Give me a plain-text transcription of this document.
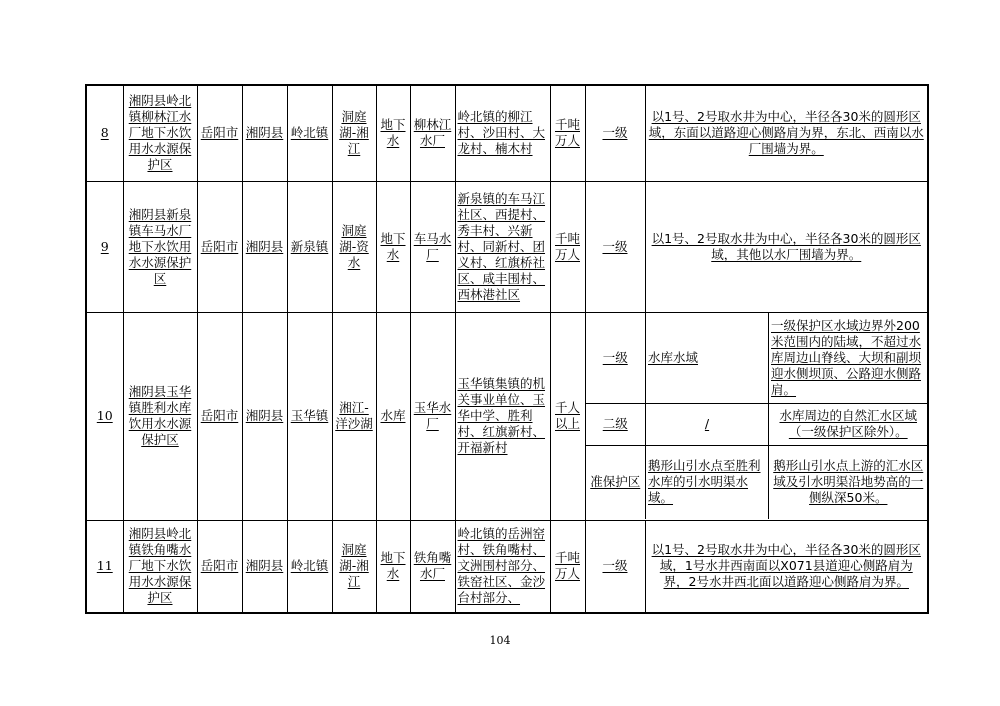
8	湘阴县岭北镇柳林江水厂地下水饮用水水源保护区	岳阳市	湘阴县	岭北镇	洞庭湖-湘江	地下水	柳林江水厂	岭北镇的柳江村、沙田村、大龙村、楠木村	千吨万人	一级	以1号、2号取水井为中心，半径各30米的圆形区域，东面以道路迎心侧路肩为界，东北、西南以水厂围墙为界。
9	湘阴县新泉镇车马水厂地下水饮用水水源保护区	岳阳市	湘阴县	新泉镇	洞庭湖-资水	地下水	车马水厂	新泉镇的车马江社区、西提村、秀丰村、兴新村、同新村、团义村、红旗桥社区、咸丰围村、西林港社区	千吨万人	一级	以1号、2号取水井为中心，半径各30米的圆形区域，其他以水厂围墙为界。
10	湘阴县玉华镇胜利水库饮用水水源保护区	岳阳市	湘阴县	玉华镇	湘江-洋沙湖	水库	玉华水厂	玉华镇集镇的机关事业单位、玉华中学、胜利村、红旗新村、开福新村	千人以上	
一级	水库水域	一级保护区水域边界外200米范围内的陆域，不超过水库周边山脊线、大坝和副坝迎水侧坝顶、公路迎水侧路肩。
二级	/	水库周边的自然汇水区域（一级保护区除外）。
准保护区	鹅形山引水点至胜利水库的引水明渠水域。	鹅形山引水点上游的汇水区域及引水明渠沿地势高的一侧纵深50米。

11	湘阴县岭北镇铁角嘴水厂地下水饮用水水源保护区	岳阳市	湘阴县	岭北镇	洞庭湖-湘江	地下水	铁角嘴水厂	岭北镇的岳洲窑村、铁角嘴村、文洲围村部分、铁窑社区、金沙台村部分、	千吨万人	一级	以1号、2号取水井为中心，半径各30米的圆形区域，1号水井西南面以X071县道迎心侧路肩为界，2号水井西北面以道路迎心侧路肩为界。
104
